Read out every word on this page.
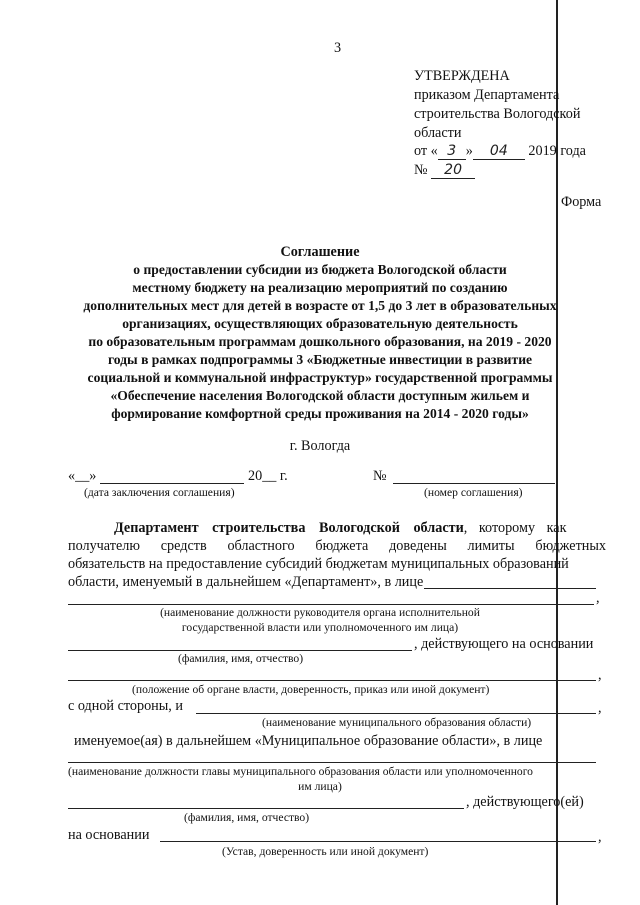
3
УТВЕРЖДЕНА
приказом Департамента
строительства Вологодской
области
от « 3 » 04 2019 года
№ 20
Форма
Соглашение
о предоставлении субсидии из бюджета Вологодской области
местному бюджету на реализацию мероприятий по созданию
дополнительных мест для детей в возрасте от 1,5 до 3 лет в образовательных
организациях, осуществляющих образовательную деятельность
по образовательным программам дошкольного образования, на 2019 - 2020
годы в рамках подпрограммы 3 «Бюджетные инвестиции в развитие
социальной и коммунальной инфраструктур» государственной программы
«Обеспечение населения Вологодской области доступным жильем и
формирование комфортной среды проживания на 2014 - 2020 годы»
г. Вологда
«__»	20__ г.	№
(дата заключения соглашения)	(номер соглашения)
Департамент строительства Вологодской области, которому как
получателю средств областного бюджета доведены лимиты бюджетных
обязательств на предоставление субсидий бюджетам муниципальных образований
области, именуемый в дальнейшем «Департамент», в лице
,
(наименование должности руководителя органа исполнительной
государственной власти или уполномоченного им лица)
, действующего на основании
(фамилия, имя, отчество)
,
(положение об органе власти, доверенность, приказ или иной документ)
с одной стороны, и	,
(наименование муниципального образования области)
именуемое(ая) в дальнейшем «Муниципальное образование области», в лице
(наименование должности главы муниципального образования области или уполномоченного
им лица)
, действующего(ей)
(фамилия, имя, отчество)
на основании	,
(Устав, доверенность или иной документ)
